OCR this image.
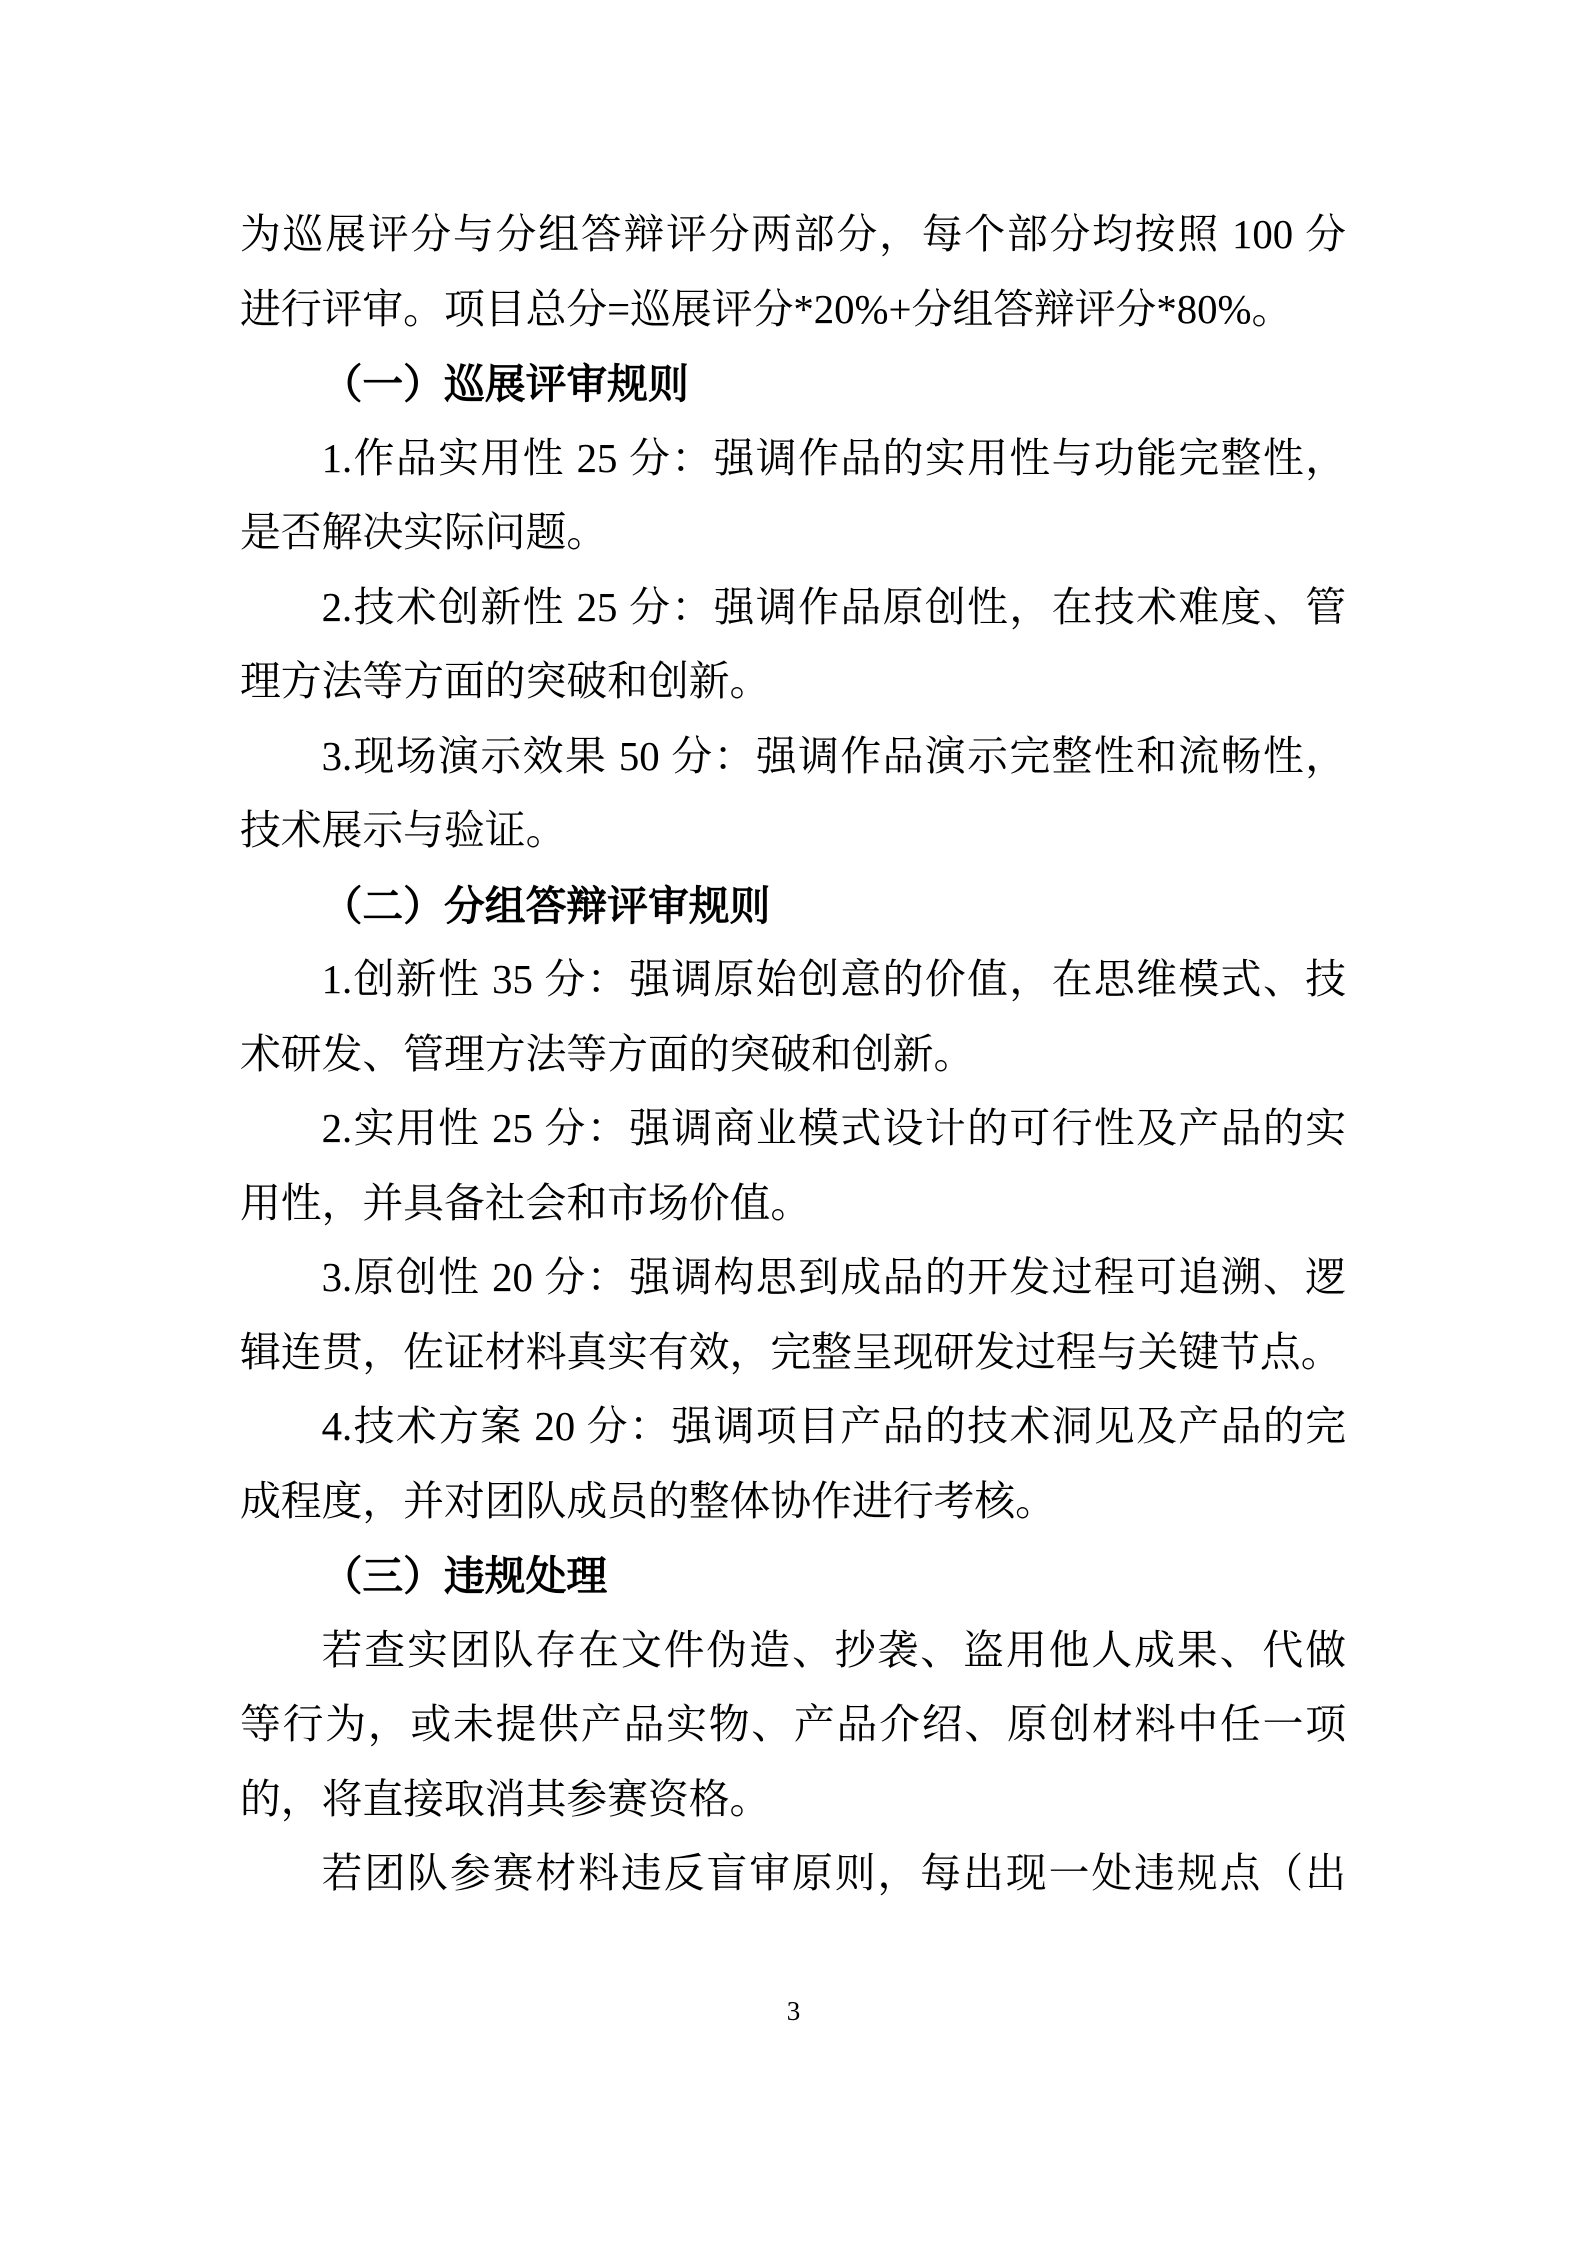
为巡展评分与分组答辩评分两部分，每个部分均按照 100 分
进行评审。项目总分=巡展评分*20%+分组答辩评分*80%。
（一）巡展评审规则
1.作品实用性 25 分：强调作品的实用性与功能完整性，
是否解决实际问题。
2.技术创新性 25 分：强调作品原创性，在技术难度、管
理方法等方面的突破和创新。
3.现场演示效果 50 分：强调作品演示完整性和流畅性，
技术展示与验证。
（二）分组答辩评审规则
1.创新性 35 分：强调原始创意的价值，在思维模式、技
术研发、管理方法等方面的突破和创新。
2.实用性 25 分：强调商业模式设计的可行性及产品的实
用性，并具备社会和市场价值。
3.原创性 20 分：强调构思到成品的开发过程可追溯、逻
辑连贯，佐证材料真实有效，完整呈现研发过程与关键节点。
4.技术方案 20 分：强调项目产品的技术洞见及产品的完
成程度，并对团队成员的整体协作进行考核。
（三）违规处理
若查实团队存在文件伪造、抄袭、盗用他人成果、代做
等行为，或未提供产品实物、产品介绍、原创材料中任一项
的，将直接取消其参赛资格。
若团队参赛材料违反盲审原则，每出现一处违规点（出
3
